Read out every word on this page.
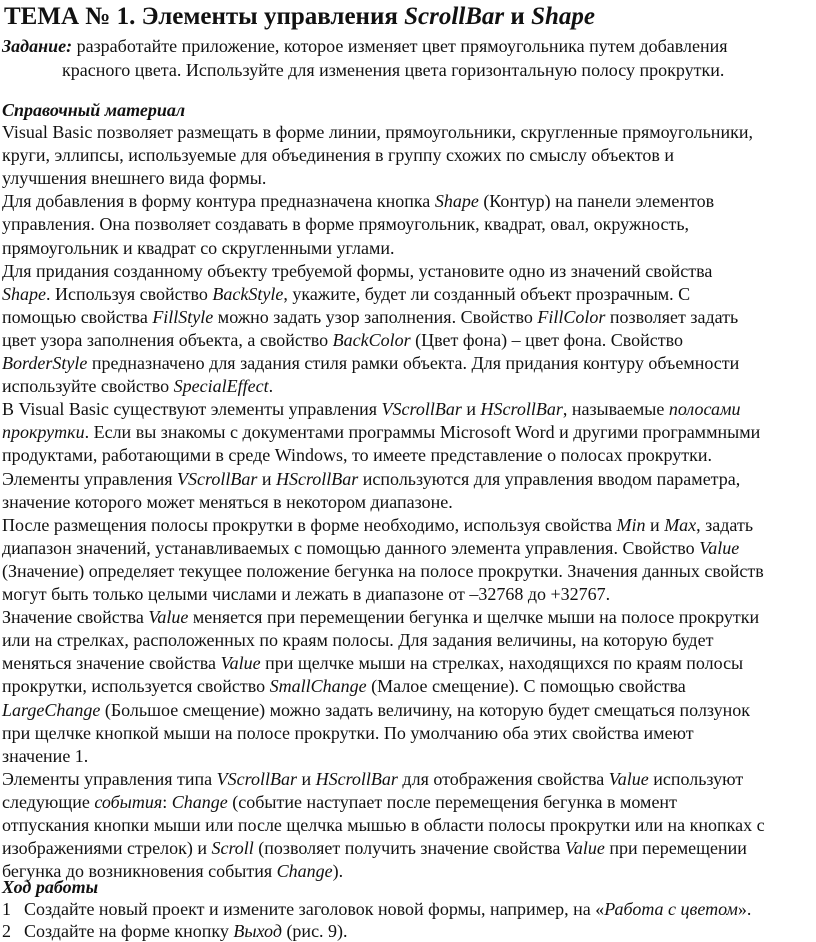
ТЕМА № 1. Элементы управления ScrollBar и Shape
Задание: разработайте приложение, которое изменяет цвет прямоугольника путем добавления
красного цвета. Используйте для изменения цвета горизонтальную полосу прокрутки.
Справочный материал
Visual Basic позволяет размещать в форме линии, прямоугольники, скругленные прямоугольники,
круги, эллипсы, используемые для объединения в группу схожих по смыслу объектов и
улучшения внешнего вида формы.
Для добавления в форму контура предназначена кнопка Shape (Контур) на панели элементов
управления. Она позволяет создавать в форме прямоугольник, квадрат, овал, окружность,
прямоугольник и квадрат со скругленными углами.
Для придания созданному объекту требуемой формы, установите одно из значений свойства
Shape. Используя свойство BackStyle, укажите, будет ли созданный объект прозрачным. С
помощью свойства FillStyle можно задать узор заполнения. Свойство FillColor позволяет задать
цвет узора заполнения объекта, а свойство BackColor (Цвет фона) – цвет фона. Свойство
BorderStyle предназначено для задания стиля рамки объекта. Для придания контуру объемности
используйте свойство SpecialEffect.
В Visual Basic существуют элементы управления VScrollBar и HScrollBar, называемые полосами
прокрутки. Если вы знакомы с документами программы Microsoft Word и другими программными
продуктами, работающими в среде Windows, то имеете представление о полосах прокрутки.
Элементы управления VScrollBar и HScrollBar используются для управления вводом параметра,
значение которого может меняться в некотором диапазоне.
После размещения полосы прокрутки в форме необходимо, используя свойства Min и Max, задать
диапазон значений, устанавливаемых с помощью данного элемента управления. Свойство Value
(Значение) определяет текущее положение бегунка на полосе прокрутки. Значения данных свойств
могут быть только целыми числами и лежать в диапазоне от –32768 до +32767.
Значение свойства Value меняется при перемещении бегунка и щелчке мыши на полосе прокрутки
или на стрелках, расположенных по краям полосы. Для задания величины, на которую будет
меняться значение свойства Value при щелчке мыши на стрелках, находящихся по краям полосы
прокрутки, используется свойство SmallChange (Малое смещение). С помощью свойства
LargeChange (Большое смещение) можно задать величину, на которую будет смещаться ползунок
при щелчке кнопкой мыши на полосе прокрутки. По умолчанию оба этих свойства имеют
значение 1.
Элементы управления типа VScrollBar и HScrollBar для отображения свойства Value используют
следующие события: Change (событие наступает после перемещения бегунка в момент
отпускания кнопки мыши или после щелчка мышью в области полосы прокрутки или на кнопках с
изображениями стрелок) и Scroll (позволяет получить значение свойства Value при перемещении
бегунка до возникновения события Change).
Ход работы
1 Создайте новый проект и измените заголовок новой формы, например, на «Работа с цветом».
2 Создайте на форме кнопку Выход (рис. 9).
